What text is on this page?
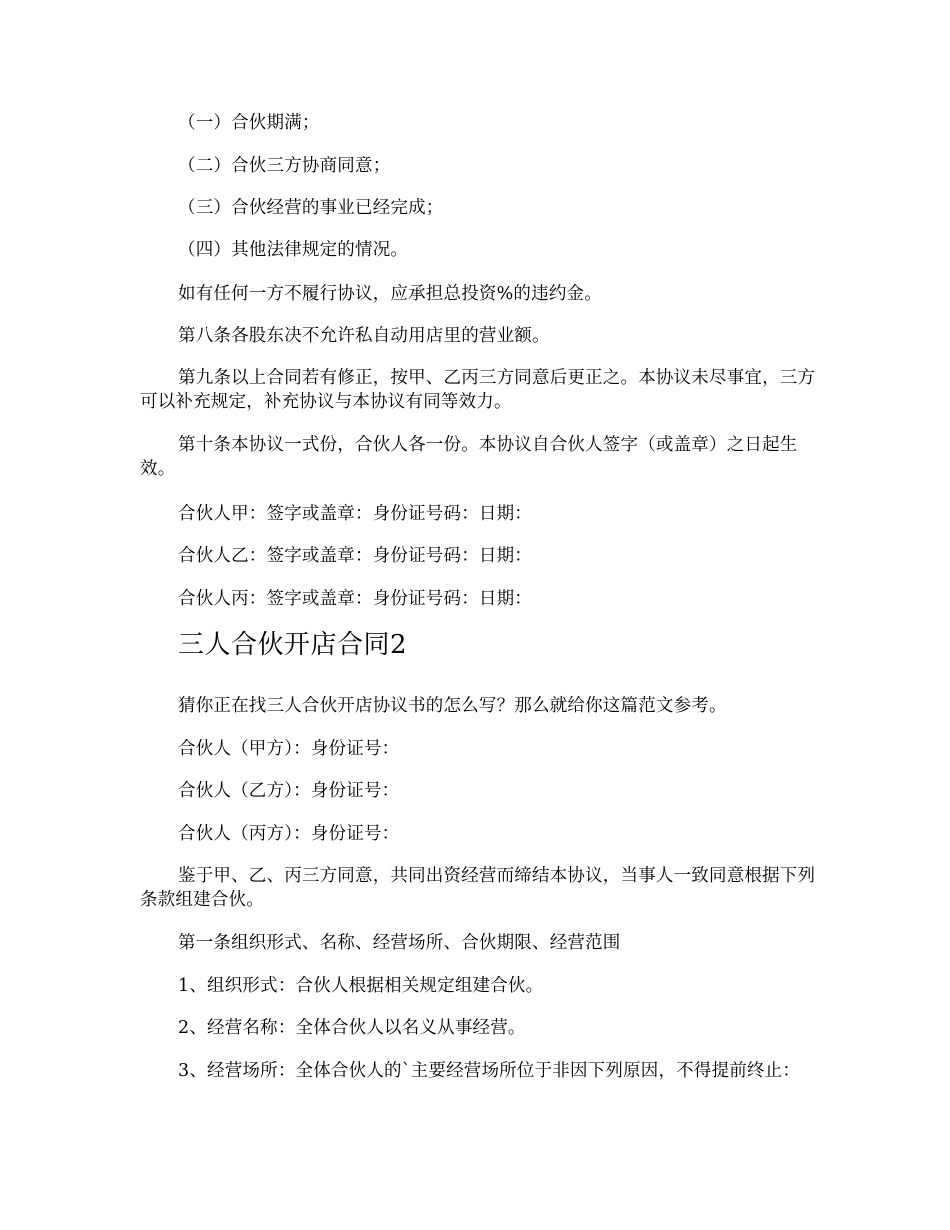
（一）合伙期满；

（二）合伙三方协商同意；

（三）合伙经营的事业已经完成；

（四）其他法律规定的情况。

如有任何一方不履行协议，应承担总投资%的违约金。

第八条各股东决不允许私自动用店里的营业额。

第九条以上合同若有修正，按甲、乙丙三方同意后更正之。本协议未尽事宜，三方可以补充规定，补充协议与本协议有同等效力。

第十条本协议一式份，合伙人各一份。本协议自合伙人签字（或盖章）之日起生效。

合伙人甲：签字或盖章：身份证号码：日期：

合伙人乙：签字或盖章：身份证号码：日期：

合伙人丙：签字或盖章：身份证号码：日期：

三人合伙开店合同2

猜你正在找三人合伙开店协议书的怎么写？那么就给你这篇范文参考。

合伙人（甲方）：身份证号：

合伙人（乙方）：身份证号：

合伙人（丙方）：身份证号：

鉴于甲、乙、丙三方同意，共同出资经营而缔结本协议，当事人一致同意根据下列条款组建合伙。

第一条组织形式、名称、经营场所、合伙期限、经营范围

1、组织形式：合伙人根据相关规定组建合伙。

2、经营名称：全体合伙人以名义从事经营。

3、经营场所：全体合伙人的`主要经营场所位于非因下列原因，不得提前终止：
